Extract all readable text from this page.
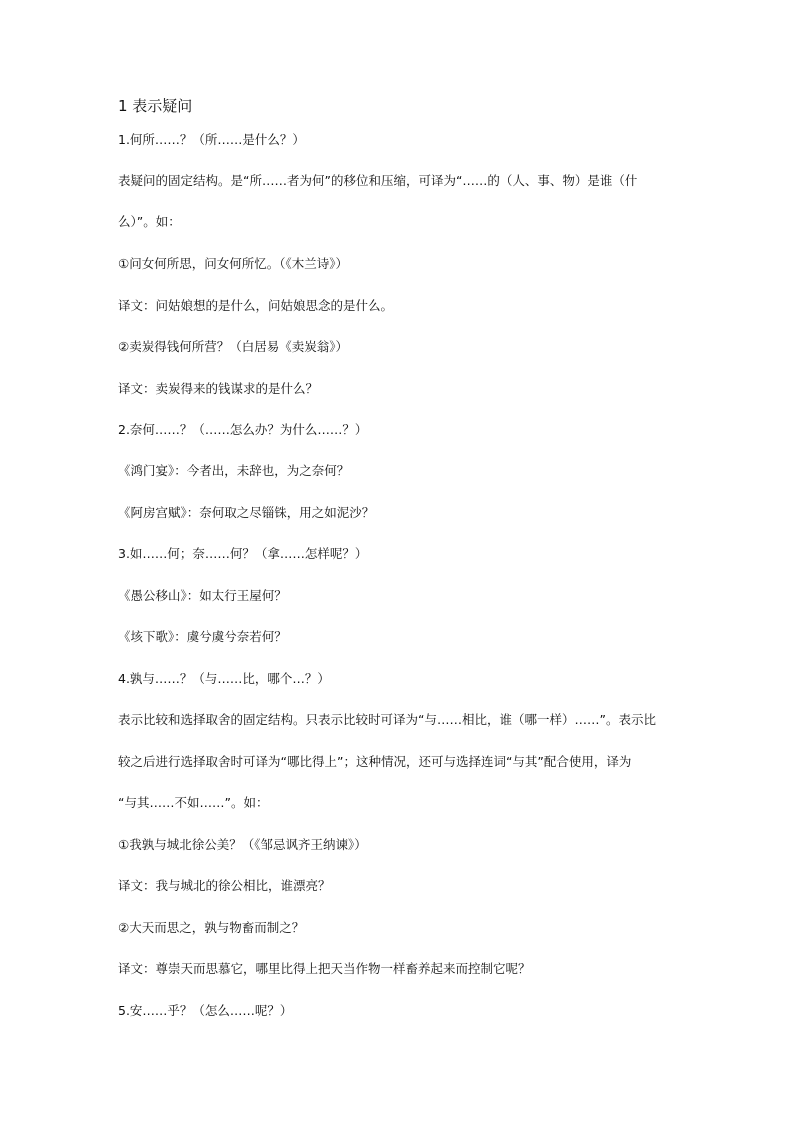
1 表示疑问
1.何所……？（所……是什么？）
表疑问的固定结构。是“所……者为何”的移位和压缩，可译为“……的（人、事、物）是谁（什
么）”。如：
①问女何所思，问女何所忆。（《木兰诗》）
译文：问姑娘想的是什么，问姑娘思念的是什么。
②卖炭得钱何所营？（白居易《卖炭翁》）
译文：卖炭得来的钱谋求的是什么？
2.奈何……？（……怎么办？为什么……？）
《鸿门宴》：今者出，未辞也，为之奈何？
《阿房宫赋》：奈何取之尽锱铢，用之如泥沙？
3.如……何；奈……何？（拿……怎样呢？）
《愚公移山》：如太行王屋何？
《垓下歌》：虞兮虞兮奈若何？
4.孰与……？（与……比，哪个…？）
表示比较和选择取舍的固定结构。只表示比较时可译为“与……相比，谁（哪一样）……”。表示比
较之后进行选择取舍时可译为“哪比得上”；这种情况，还可与选择连词“与其”配合使用，译为
“与其……不如……”。如：
①我孰与城北徐公美？（《邹忌讽齐王纳谏》）
译文：我与城北的徐公相比，谁漂亮？
②大天而思之，孰与物畜而制之？
译文：尊崇天而思慕它，哪里比得上把天当作物一样畜养起来而控制它呢？
5.安……乎？（怎么……呢？）
